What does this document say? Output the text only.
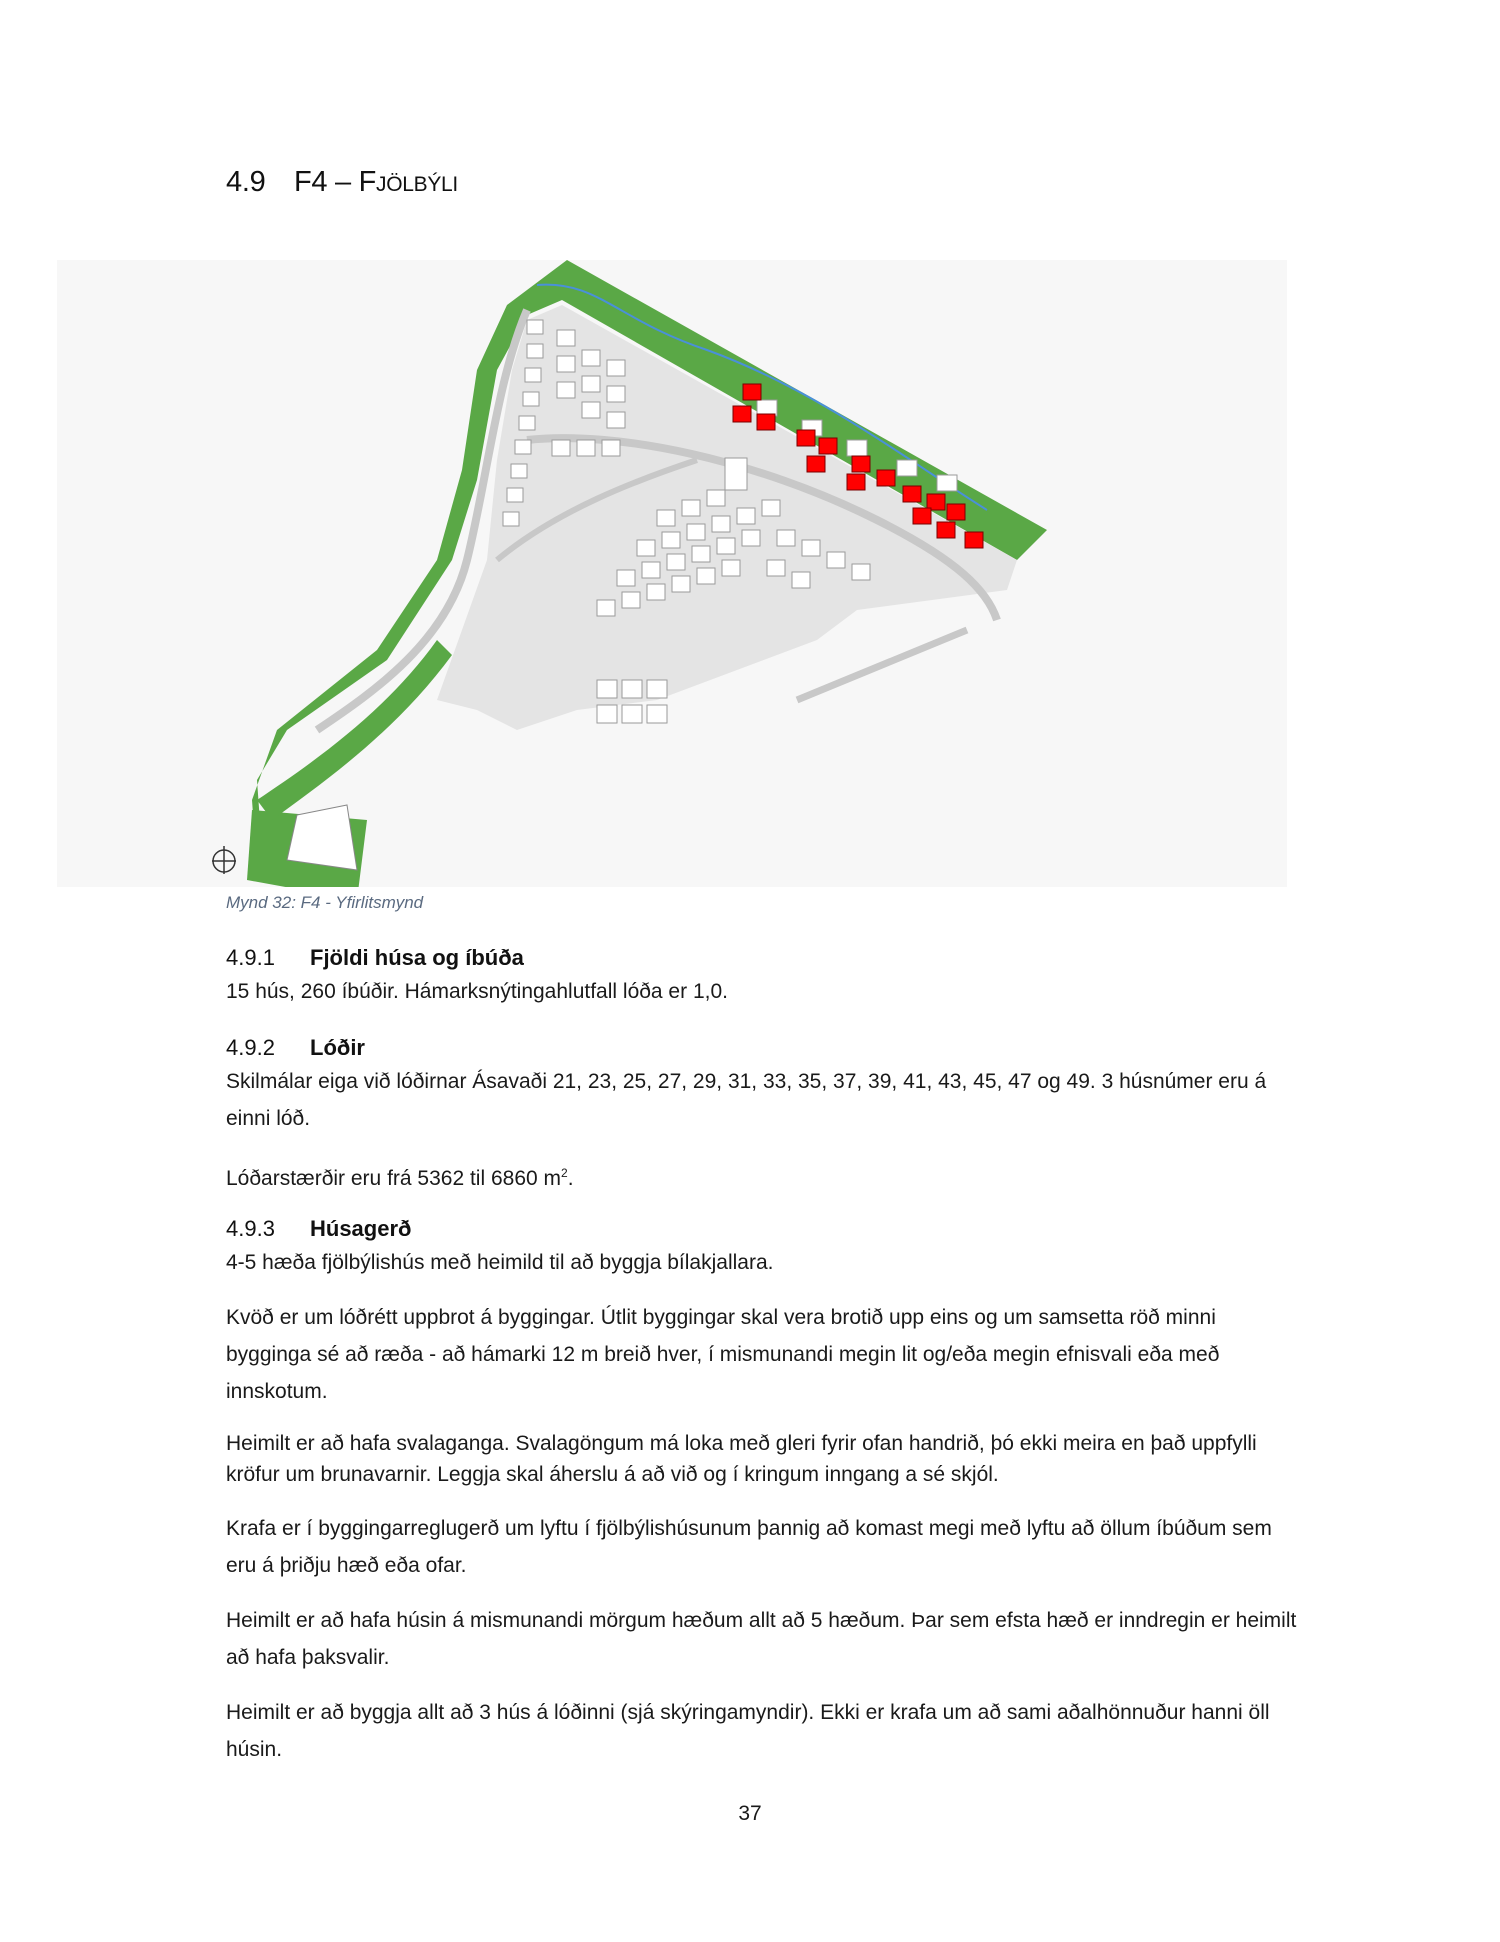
4.9 F4 – FJÖLBÝLI
Mynd 32: F4 - Yfirlitsmynd
4.9.1 Fjöldi húsa og íbúða
15 hús, 260 íbúðir. Hámarksnýtingahlutfall lóða er 1,0.
4.9.2 Lóðir
Skilmálar eiga við lóðirnar Ásavaði 21, 23, 25, 27, 29, 31, 33, 35, 37, 39, 41, 43, 45, 47 og 49. 3 húsnúmer eru á einni lóð.
Lóðarstærðir eru frá 5362 til 6860 $m^2$.
4.9.3 Húsagerð
4-5 hæða fjölbýlishús með heimild til að byggja bílakjallara.
Kvöð er um lóðrétt uppbrot á byggingar. Útlit byggingar skal vera brotið upp eins og um samsetta röð minni bygginga sé að ræða - að hámarki 12 m breið hver, í mismunandi megin lit og/eða megin efnisvali eða með innskotum.
Heimilt er að hafa svalaganga. Svalagöngum má loka með gleri fyrir ofan handrið, þó ekki meira en það uppfylli kröfur um brunavarnir. Leggja skal áherslu á að við og í kringum inngang a sé skjól.
Krafa er í byggingarreglugerð um lyftu í fjölbýlishúsunum þannig að komast megi með lyftu að öllum íbúðum sem eru á þriðju hæð eða ofar.
Heimilt er að hafa húsin á mismunandi mörgum hæðum allt að 5 hæðum. Þar sem efsta hæð er inndregin er heimilt að hafa þaksvalir.
Heimilt er að byggja allt að 3 hús á lóðinni (sjá skýringamyndir). Ekki er krafa um að sami aðalhönnuður hanni öll húsin.
37
